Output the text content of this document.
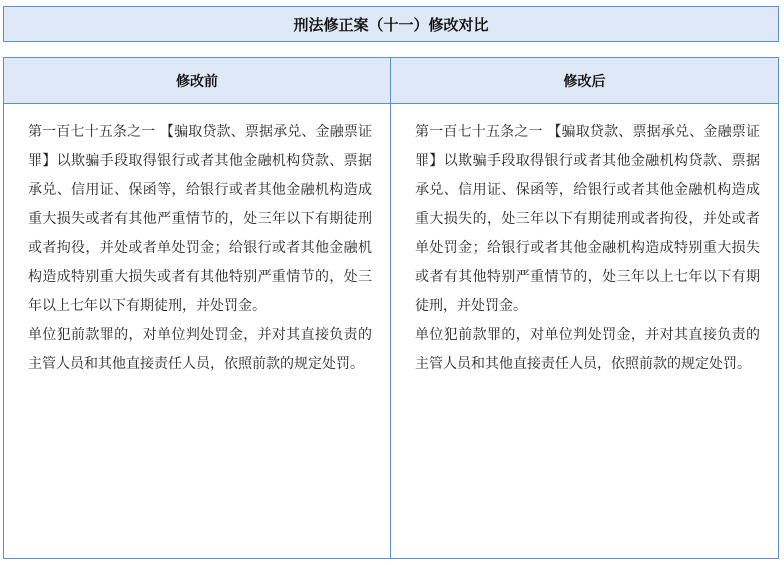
刑法修正案（十一）修改对比
修改前	修改后

第一百七十五条之一 【骗取贷款、票据承兑、金融票证罪】以欺骗手段取得银行或者其他金融机构贷款、票据承兑、信用证、保函等，给银行或者其他金融机构造成重大损失或者有其他严重情节的，处三年以下有期徒刑或者拘役，并处或者单处罚金；给银行或者其他金融机构造成特别重大损失或者有其他特别严重情节的，处三年以上七年以下有期徒刑，并处罚金。

单位犯前款罪的，对单位判处罚金，并对其直接负责的主管人员和其他直接责任人员，依照前款的规定处罚。

第一百七十五条之一 【骗取贷款、票据承兑、金融票证罪】以欺骗手段取得银行或者其他金融机构贷款、票据承兑、信用证、保函等，给银行或者其他金融机构造成重大损失的，处三年以下有期徒刑或者拘役，并处或者单处罚金；给银行或者其他金融机构造成特别重大损失或者有其他特别严重情节的，处三年以上七年以下有期徒刑，并处罚金。

单位犯前款罪的，对单位判处罚金，并对其直接负责的主管人员和其他直接责任人员，依照前款的规定处罚。
